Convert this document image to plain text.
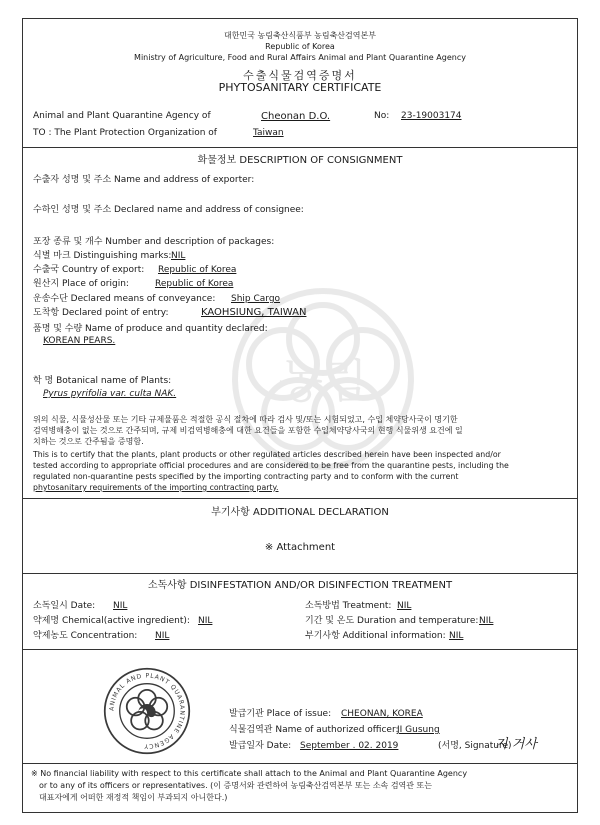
대한민국 농림축산식품부 농림축산검역본부
Republic of Korea
Ministry of Agriculture, Food and Rural Affairs Animal and Plant Quarantine Agency
수출식물검역증명서
PHYTOSANITARY CERTIFICATE
Animal and Plant Quarantine Agency of	Cheonan D.O.	No: 23-19003174
TO : The Plant Protection Organization of	Taiwan
화물정보 DESCRIPTION OF CONSIGNMENT
농림
수출자 성명 및 주소 Name and address of exporter:
수하인 성명 및 주소 Declared name and address of consignee:
포장 종류 및 개수 Number and description of packages:
식별 마크 Distinguishing marks: NIL
수출국 Country of export: Republic of Korea
원산지 Place of origin:	Republic of Korea
운송수단 Declared means of conveyance: Ship Cargo
도착항 Declared point of entry:	KAOHSIUNG, TAIWAN
품명 및 수량 Name of produce and quantity declared:
KOREAN PEARS.
학 명 Botanical name of Plants:
Pyrus pyrifolia var. culta NAK.
위의 식물, 식물성산물 또는 기타 규제물품은 적절한 공식 절차에 따라 검사 및/또는 시험되었고, 수입 체약당사국이 명기한
검역병해충이 없는 것으로 간주되며, 규제 비검역병해충에 대한 요건들을 포함한 수입체약당사국의 현행 식물위생 요건에 일
치하는 것으로 간주됨을 증명함.
This is to certify that the plants, plant products or other regulated articles described herein have been inspected and/or
tested according to appropriate official procedures and are considered to be free from the quarantine pests, including the
regulated non-quarantine pests specified by the importing contracting party and to conform with the current
phytosanitary requirements of the importing contracting party.
부기사항 ADDITIONAL DECLARATION
※ Attachment
소독사항 DISINFESTATION AND/OR DISINFECTION TREATMENT
소독일시 Date: NIL	소독방법 Treatment: NIL
약제명 Chemical(active ingredient): NIL	기간 및 온도 Duration and temperature: NIL
약제농도 Concentration: NIL	부기사항 Additional information: NIL
ANIMAL AND PLANT QUARANTINE AGENCY
발급기관 Place of issue: CHEONAN, KOREA
식물검역관 Name of authorized officer:
JI Gusung
발급일자 Date: September . 02. 2019	(서명, Signature)
※ No financial liability with respect to this certificate shall attach to the Animal and Plant Quarantine Agency
or to any of its officers or representatives. (이 증명서와 관련하여 농림축산검역본부 또는 소속 검역관 또는
대표자에게 어떠한 재정적 책임이 부과되지 아니한다.)
지 거사
